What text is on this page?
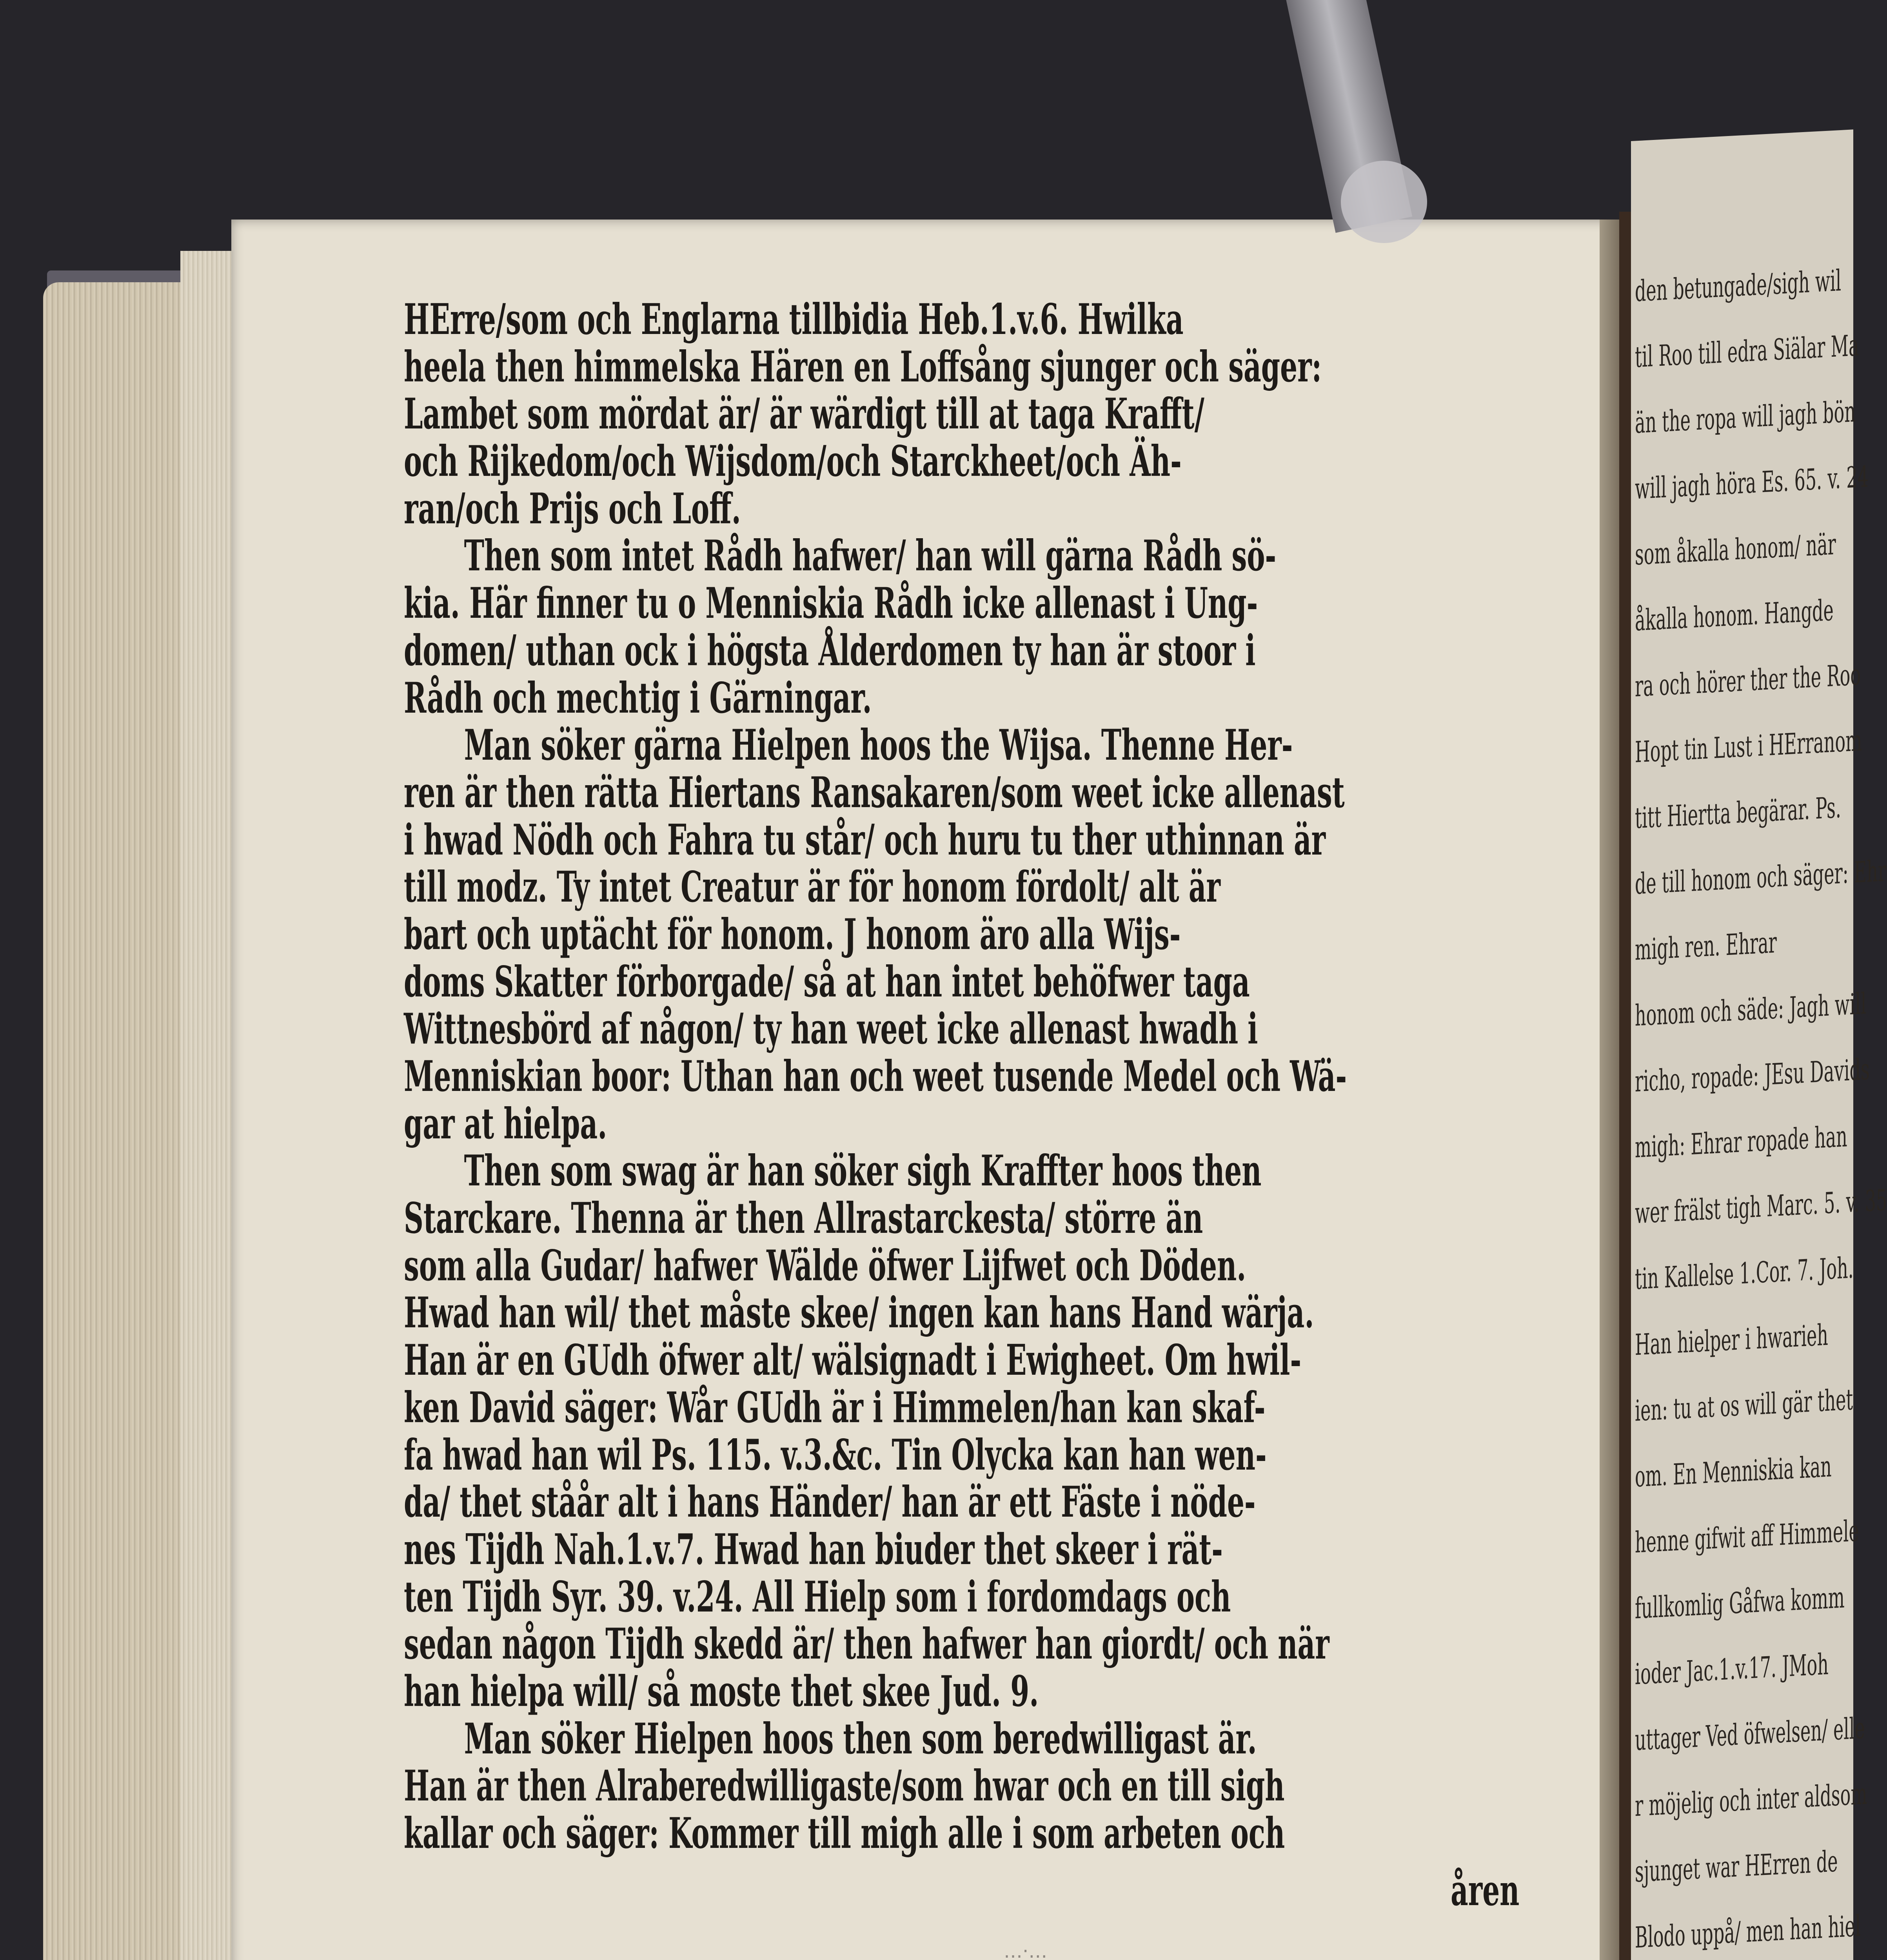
den betungade/sigh wil
til Roo till edra Siälar Ma
än the ropa will jagh bön
will jagh höra Es. 65. v. 24
som åkalla honom/ när
åkalla honom. Hangde
ra och hörer ther the Roo
Hopt tin Lust i HErranom
titt Hiertta begärar. Ps.
de till honom och säger: Ehr
migh ren. Ehrar
honom och säde: Jagh will
richo, ropade: JEsu Davids
migh: Ehrar ropade han
wer frälst tigh Marc. 5. v. 35
tin Kallelse 1.Cor. 7. Joh.
Han hielper i hwarieh
ien: tu at os will gär thet
om. En Menniskia kan
henne gifwit aff Himmele
fullkomlig Gåfwa komm
ioder Jac.1.v.17. JMoh
uttager Ved öfwelsen/ elle
r möjelig och inter aldsom
sjunget war HErren de
Blodo uppå/ men han hiel
HErre/som och Englarna tillbidia Heb.1.v.6. Hwilka
heela then himmelska Hären en Loffsång sjunger och säger:
Lambet som mördat är/ är wärdigt till at taga Krafft/
och Rijkedom/och Wijsdom/och Starckheet/och Äh-
ran/och Prijs och Loff.
Then som intet Rådh hafwer/ han will gärna Rådh sö-
kia. Här finner tu o Menniskia Rådh icke allenast i Ung-
domen/ uthan ock i högsta Ålderdomen ty han är stoor i
Rådh och mechtig i Gärningar.
Man söker gärna Hielpen hoos the Wijsa. Thenne Her-
ren är then rätta Hiertans Ransakaren/som weet icke allenast
i hwad Nödh och Fahra tu står/ och huru tu ther uthinnan är
till modz. Ty intet Creatur är för honom fördolt/ alt är
bart och uptächt för honom. J honom äro alla Wijs-
doms Skatter förborgade/ så at han intet behöfwer taga
Wittnesbörd af någon/ ty han weet icke allenast hwadh i
Menniskian boor: Uthan han och weet tusende Medel och Wä-
gar at hielpa.
Then som swag är han söker sigh Kraffter hoos then
Starckare. Thenna är then Allrastarckesta/ större än
som alla Gudar/ hafwer Wälde öfwer Lijfwet och Döden.
Hwad han wil/ thet måste skee/ ingen kan hans Hand wärja.
Han är en GUdh öfwer alt/ wälsignadt i Ewigheet. Om hwil-
ken David säger: Wår GUdh är i Himmelen/han kan skaf-
fa hwad han wil Ps. 115. v.3.&c. Tin Olycka kan han wen-
da/ thet ståår alt i hans Händer/ han är ett Fäste i nöde-
nes Tijdh Nah.1.v.7. Hwad han biuder thet skeer i rät-
ten Tijdh Syr. 39. v.24. All Hielp som i fordomdags och
sedan någon Tijdh skedd är/ then hafwer han giordt/ och när
han hielpa will/ så moste thet skee Jud. 9.
Man söker Hielpen hoos then som beredwilligast är.
Han är then Alraberedwilligaste/som hwar och en till sigh
kallar och säger: Kommer till migh alle i som arbeten och
åren
…·…
